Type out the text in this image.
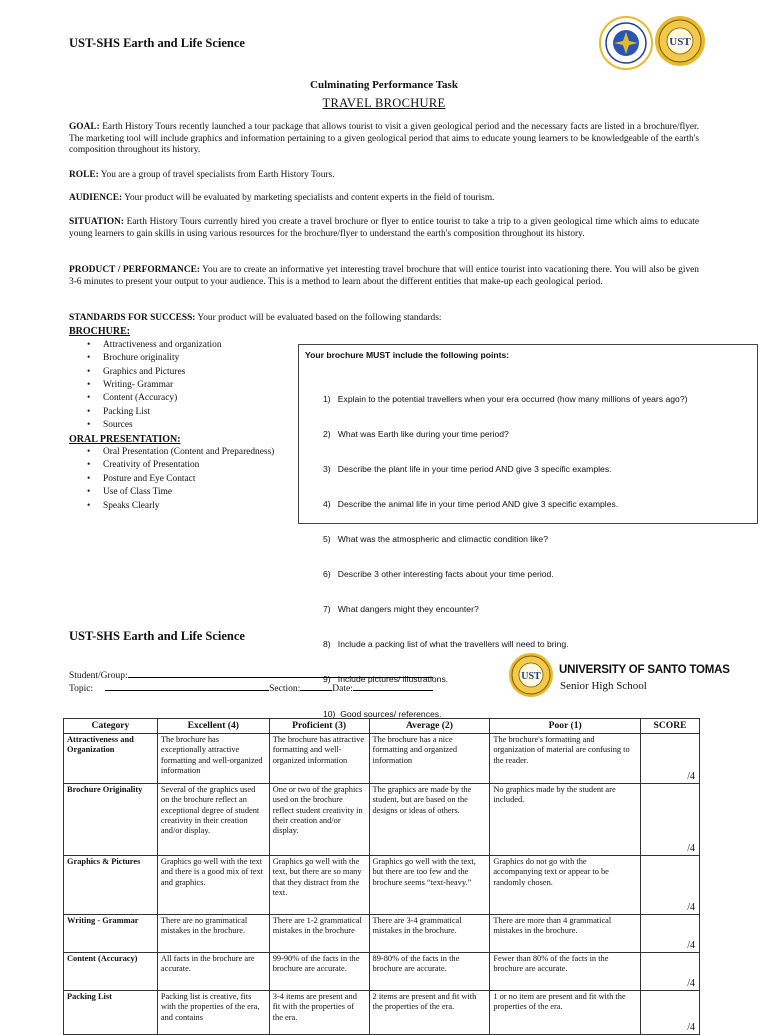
UST-SHS Earth and Life Science	UST
Culminating Performance Task
TRAVEL BROCHURE
GOAL: Earth History Tours recently launched a tour package that allows tourist to visit a given geological period and the necessary facts are listed in a brochure/flyer. The marketing tool will include graphics and information pertaining to a given geological period that aims to educate young learners to be knowledgeable of the earth's composition throughout its history.
ROLE: You are a group of travel specialists from Earth History Tours.
AUDIENCE: Your product will be evaluated by marketing specialists and content experts in the field of tourism.
SITUATION: Earth History Tours currently hired you create a travel brochure or flyer to entice tourist to take a trip to a given geological time which aims to educate young learners to gain skills in using various resources for the brochure/flyer to understand the earth's composition throughout its history.
PRODUCT / PERFORMANCE: You are to create an informative yet interesting travel brochure that will entice tourist into vacationing there. You will also be given 3-6 minutes to present your output to your audience. This is a method to learn about the different entities that make-up each geological period.
STANDARDS FOR SUCCESS: Your product will be evaluated based on the following standards:
BROCHURE:
• Attractiveness and organization
• Brochure originality
• Graphics and Pictures
• Writing- Grammar
• Content (Accuracy)
• Packing List
• Sources
ORAL PRESENTATION:
• Oral Presentation (Content and Preparedness)
• Creativity of Presentation
• Posture and Eye Contact
• Use of Class Time
• Speaks Clearly
Your brochure MUST include the following points:

1)   Explain to the potential travellers when your era occurred (how many millions of years ago?)

2)   What was Earth like during your time period?

3)   Describe the plant life in your time period AND give 3 specific examples.

4)   Describe the animal life in your time period AND give 3 specific examples.

5)   What was the atmospheric and climactic condition like?

6)   Describe 3 other interesting facts about your time period.

7)   What dangers might they encounter?

8)   Include a packing list of what the travellers will need to bring.

9)   Include pictures/ illustrations.

10)  Good sources/ references.

UST-SHS Earth and Life Science
Student/Group:
Topic:	Section:	Date:
UST
UNIVERSITY OF SANTO TOMAS
Senior High School
Category	Excellent (4)	Proficient (3)	Average (2)	Poor (1)	SCORE
Attractiveness and Organization	The brochure has exceptionally attractive formatting and well-organized information	The brochure has attractive formatting and well-organized information	The brochure has a nice formatting and organized information	The brochure's formatting and organization of material are confusing to the reader.	/4
Brochure Originality	Several of the graphics used on the brochure reflect an exceptional degree of student creativity in their creation and/or display.	One or two of the graphics used on the brochure reflect student creativity in their creation and/or display.	The graphics are made by the student, but are based on the designs or ideas of others.	No graphics made by the student are included.	/4
Graphics & Pictures	Graphics go well with the text and there is a good mix of text and graphics.	Graphics go well with the text, but there are so many that they distract from the text.	Graphics go well with the text, but there are too few and the brochure seems “text-heavy.”	Graphics do not go with the accompanying text or appear to be randomly chosen.	/4
Writing - Grammar	There are no grammatical mistakes in the brochure.	There are 1-2 grammatical mistakes in the brochure	There are 3-4 grammatical mistakes in the brochure.	There are more than 4 grammatical mistakes in the brochure.	/4
Content (Accuracy)	All facts in the brochure are accurate.	99-90% of the facts in the brochure are accurate.	89-80% of the facts in the brochure are accurate.	Fewer than 80% of the facts in the brochure are accurate.	/4
Packing List	Packing list is creative, fits with the properties of the era, and contains	3-4 items are present and fit with the properties of the era.	2 items are present and fit with the properties of the era.	1 or no item are present and fit with the properties of the era.	/4
